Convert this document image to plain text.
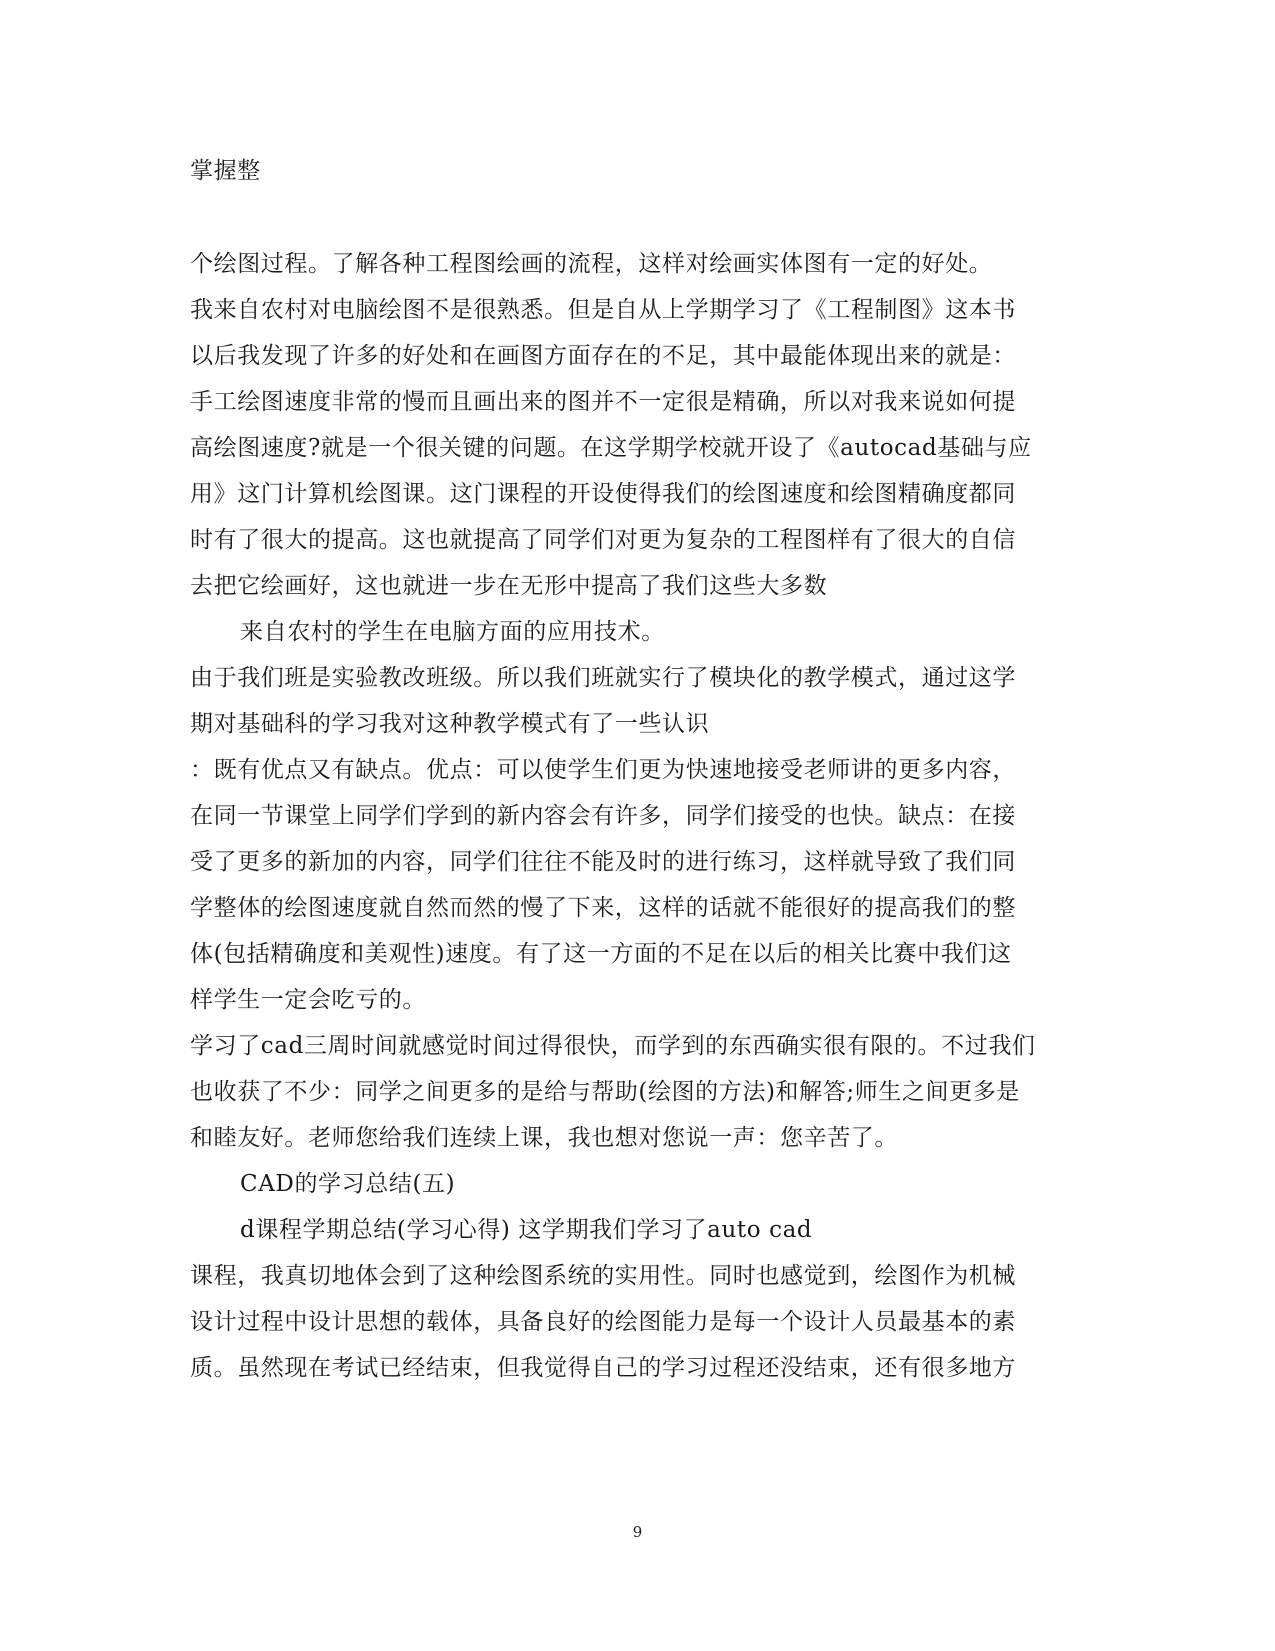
掌握整
个绘图过程。了解各种工程图绘画的流程，这样对绘画实体图有一定的好处。
我来自农村对电脑绘图不是很熟悉。但是自从上学期学习了《工程制图》这本书
以后我发现了许多的好处和在画图方面存在的不足，其中最能体现出来的就是：
手工绘图速度非常的慢而且画出来的图并不一定很是精确，所以对我来说如何提
高绘图速度?就是一个很关键的问题。在这学期学校就开设了《autocad基础与应
用》这门计算机绘图课。这门课程的开设使得我们的绘图速度和绘图精确度都同
时有了很大的提高。这也就提高了同学们对更为复杂的工程图样有了很大的自信
去把它绘画好，这也就进一步在无形中提高了我们这些大多数
来自农村的学生在电脑方面的应用技术。
由于我们班是实验教改班级。所以我们班就实行了模块化的教学模式，通过这学
期对基础科的学习我对这种教学模式有了一些认识
：既有优点又有缺点。优点：可以使学生们更为快速地接受老师讲的更多内容，
在同一节课堂上同学们学到的新内容会有许多，同学们接受的也快。缺点：在接
受了更多的新加的内容，同学们往往不能及时的进行练习，这样就导致了我们同
学整体的绘图速度就自然而然的慢了下来，这样的话就不能很好的提高我们的整
体(包括精确度和美观性)速度。有了这一方面的不足在以后的相关比赛中我们这
样学生一定会吃亏的。
学习了cad三周时间就感觉时间过得很快，而学到的东西确实很有限的。不过我们
也收获了不少：同学之间更多的是给与帮助(绘图的方法)和解答;师生之间更多是
和睦友好。老师您给我们连续上课，我也想对您说一声：您辛苦了。
CAD的学习总结(五)
d课程学期总结(学习心得) 这学期我们学习了auto cad
课程，我真切地体会到了这种绘图系统的实用性。同时也感觉到，绘图作为机械
设计过程中设计思想的载体，具备良好的绘图能力是每一个设计人员最基本的素
质。虽然现在考试已经结束，但我觉得自己的学习过程还没结束，还有很多地方
9
